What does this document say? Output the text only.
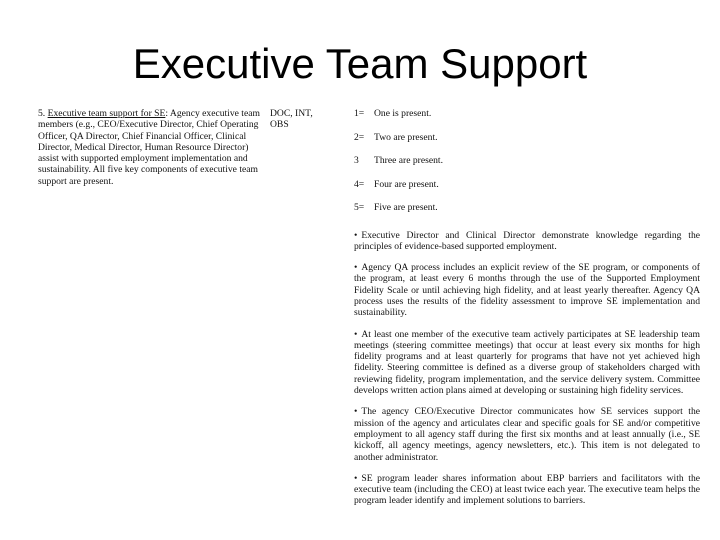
Executive Team Support
5. Executive team support for SE: Agency executive team members (e.g., CEO/Executive Director, Chief Operating Officer, QA Director, Chief Financial Officer, Clinical Director, Medical Director, Human Resource Director) assist with supported employment implementation and sustainability. All five key components of executive team support are present.
DOC, INT,
OBS
1=	One is present.
2=	Two are present.
3	Three are present.
4=	Four are present.
5=	Five are present.
• Executive Director and Clinical Director demonstrate knowledge regarding the principles of evidence-based supported employment.
• Agency QA process includes an explicit review of the SE program, or components of the program, at least every 6 months through the use of the Supported Employment Fidelity Scale or until achieving high fidelity, and at least yearly thereafter. Agency QA process uses the results of the fidelity assessment to improve SE implementation and sustainability.
• At least one member of the executive team actively participates at SE leadership team meetings (steering committee meetings) that occur at least every six months for high fidelity programs and at least quarterly for programs that have not yet achieved high fidelity. Steering committee is defined as a diverse group of stakeholders charged with reviewing fidelity, program implementation, and the service delivery system. Committee develops written action plans aimed at developing or sustaining high fidelity services.
• The agency CEO/Executive Director communicates how SE services support the mission of the agency and articulates clear and specific goals for SE and/or competitive employment to all agency staff during the first six months and at least annually (i.e., SE kickoff, all agency meetings, agency newsletters, etc.). This item is not delegated to another administrator.
• SE program leader shares information about EBP barriers and facilitators with the executive team (including the CEO) at least twice each year. The executive team helps the program leader identify and implement solutions to barriers.
